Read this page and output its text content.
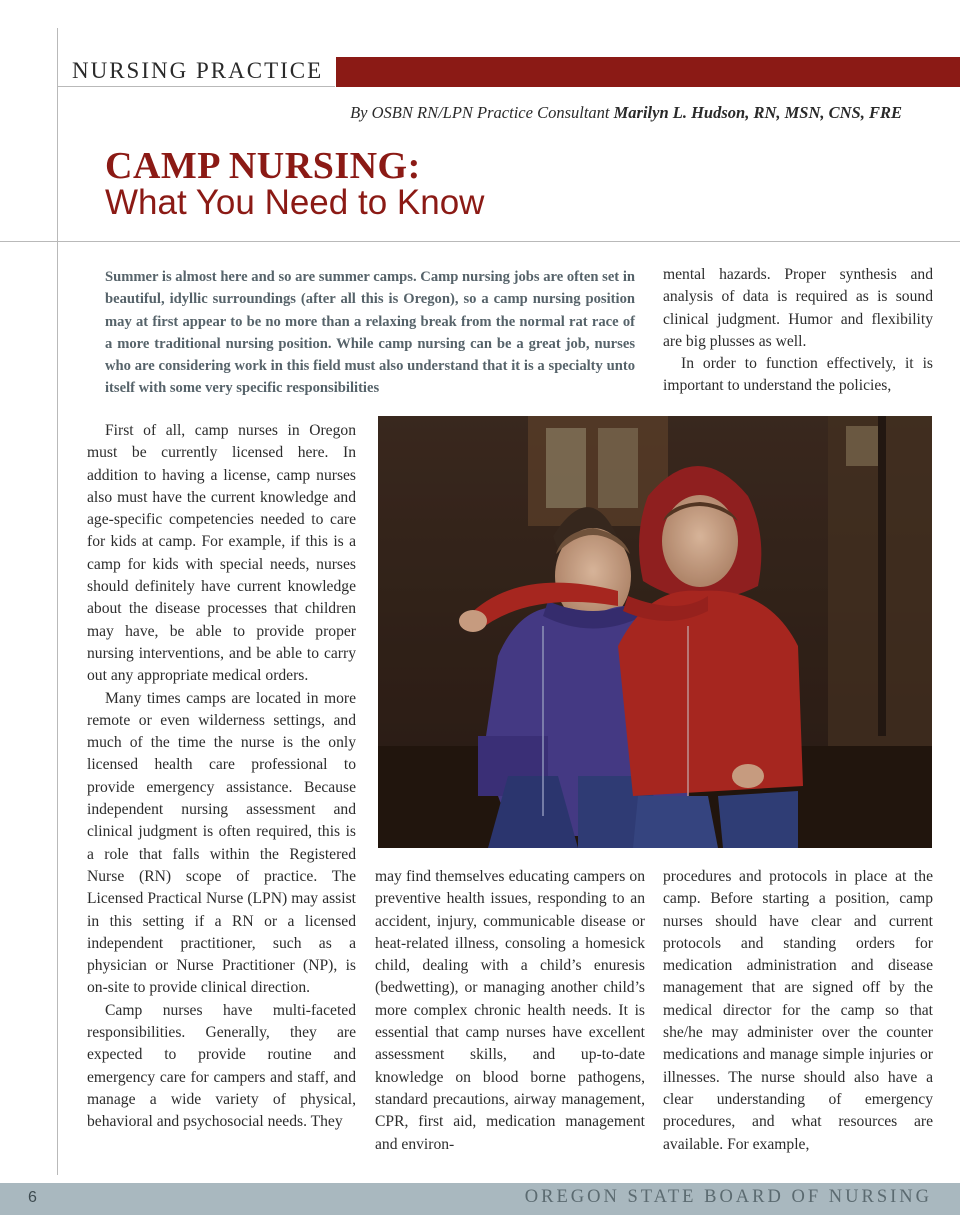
NURSING PRACTICE
By OSBN RN/LPN Practice Consultant Marilyn L. Hudson, RN, MSN, CNS, FRE
CAMP NURSING:
What You Need to Know

Summer is almost here and so are summer camps. Camp nursing jobs are often set in beautiful, idyllic surroundings (after all this is Oregon), so a camp nursing position may at first appear to be no more than a relaxing break from the normal rat race of a more traditional nursing position. While camp nursing can be a great job, nurses who are considering work in this field must also understand that it is a specialty unto itself with some very specific responsibilities

mental hazards. Proper synthesis and analysis of data is required as is sound clinical judgment. Humor and flexibility are big plusses as well.

In order to function effectively, it is important to understand the policies,

First of all, camp nurses in Oregon must be currently licensed here. In addition to having a license, camp nurses also must have the current knowledge and age-specific competencies needed to care for kids at camp. For example, if this is a camp for kids with special needs, nurses should definitely have current knowledge about the disease processes that children may have, be able to provide proper nursing interventions, and be able to carry out any appropriate medical orders.

Many times camps are located in more remote or even wilderness settings, and much of the time the nurse is the only licensed health care professional to provide emergency assistance. Because independent nursing assessment and clinical judgment is often required, this is a role that falls within the Registered Nurse (RN) scope of practice. The Licensed Practical Nurse (LPN) may assist in this setting if a RN or a licensed independent practitioner, such as a physician or Nurse Practitioner (NP), is on-site to provide clinical direction.

Camp nurses have multi-faceted responsibilities. Generally, they are expected to provide routine and emergency care for campers and staff, and manage a wide variety of physical, behavioral and psychosocial needs. They

may find themselves educating campers on preventive health issues, responding to an accident, injury, communicable disease or heat-related illness, consoling a homesick child, dealing with a child’s enuresis (bedwetting), or managing another child’s more complex chronic health needs. It is essential that camp nurses have excellent assessment skills, and up-to-date knowledge on blood borne pathogens, standard precautions, airway management, CPR, first aid, medication management and environ-

procedures and protocols in place at the camp. Before starting a position, camp nurses should have clear and current protocols and standing orders for medication administration and disease management that are signed off by the medical director for the camp so that she/he may administer over the counter medications and manage simple injuries or illnesses. The nurse should also have a clear understanding of emergency procedures, and what resources are available. For example,

6	OREGON STATE BOARD OF NURSING
